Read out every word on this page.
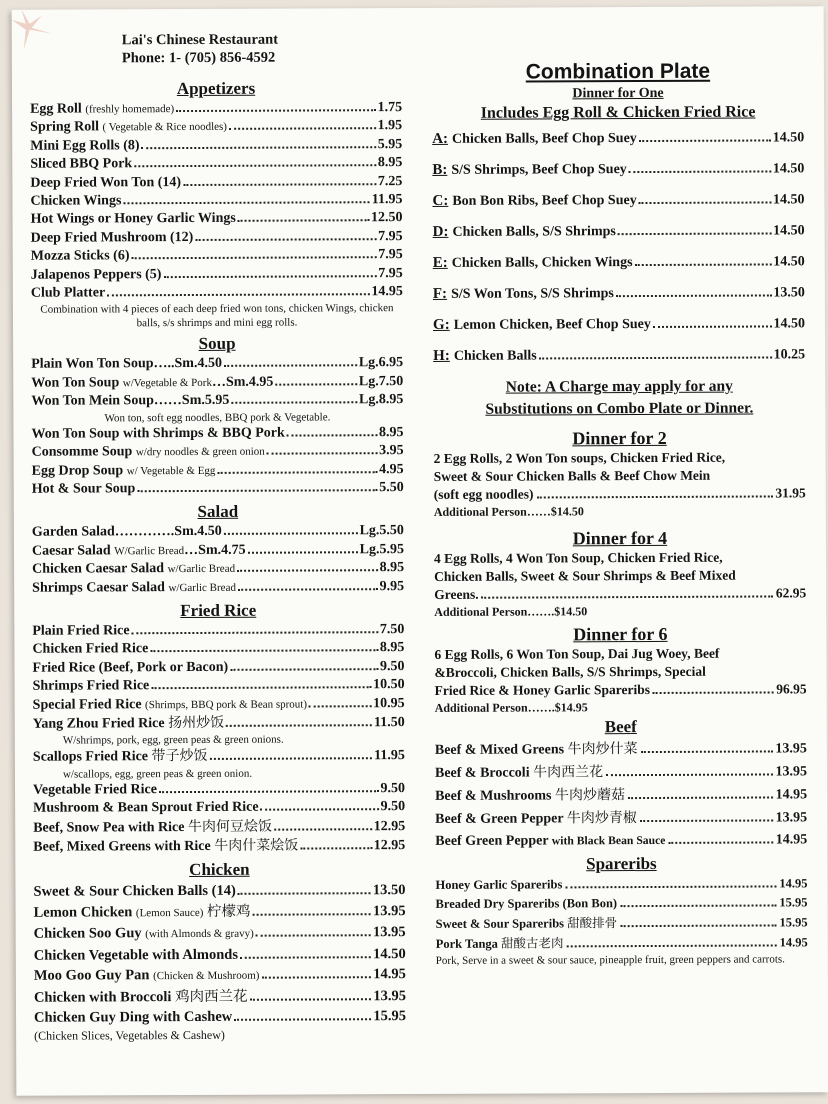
Lai's Chinese Restaurant
Phone: 1- (705) 856-4592
Appetizers
Egg Roll (freshly homemade)	1.75
Spring Roll ( Vegetable & Rice noodles)	1.95
Mini Egg Rolls (8)	5.95
Sliced BBQ Pork	8.95
Deep Fried Won Ton (14)	7.25
Chicken Wings	11.95
Hot Wings or Honey Garlic Wings	12.50
Deep Fried Mushroom (12)	7.95
Mozza Sticks (6)	7.95
Jalapenos Peppers (5)	7.95
Club Platter	14.95
Combination with 4 pieces of each deep fried won tons, chicken Wings, chicken balls, s/s shrimps and mini egg rolls.
Soup
Plain Won Ton Soup…..Sm.4.50	Lg.6.95
Won Ton Soup w/Vegetable & Pork…Sm.4.95	Lg.7.50
Won Ton Mein Soup……Sm.5.95	Lg.8.95
Won ton, soft egg noodles, BBQ pork & Vegetable.
Won Ton Soup with Shrimps & BBQ Pork	8.95
Consomme Soup w/dry noodles & green onion	3.95
Egg Drop Soup w/ Vegetable & Egg	4.95
Hot & Sour Soup	5.50
Salad
Garden Salad………….Sm.4.50	Lg.5.50
Caesar Salad W/Garlic Bread…Sm.4.75	Lg.5.95
Chicken Caesar Salad w/Garlic Bread	8.95
Shrimps Caesar Salad w/Garlic Bread	9.95
Fried Rice
Plain Fried Rice	7.50
Chicken Fried Rice	8.95
Fried Rice (Beef, Pork or Bacon)	9.50
Shrimps Fried Rice	10.50
Special Fried Rice (Shrimps, BBQ pork & Bean sprout)	10.95
Yang Zhou Fried Rice 扬州炒饭	11.50
W/shrimps, pork, egg, green peas & green onions.
Scallops Fried Rice 带子炒饭	11.95
w/scallops, egg, green peas & green onion.
Vegetable Fried Rice	9.50
Mushroom & Bean Sprout Fried Rice	9.50
Beef, Snow Pea with Rice 牛肉何豆烩饭	12.95
Beef, Mixed Greens with Rice 牛肉什菜烩饭	12.95
Chicken
Sweet & Sour Chicken Balls (14)	13.50
Lemon Chicken (Lemon Sauce) 柠檬鸡	13.95
Chicken Soo Guy (with Almonds & gravy)	13.95
Chicken Vegetable with Almonds	14.50
Moo Goo Guy Pan (Chicken & Mushroom)	14.95
Chicken with Broccoli 鸡肉西兰花	13.95
Chicken Guy Ding with Cashew	15.95
(Chicken Slices, Vegetables & Cashew)
Combination Plate
Dinner for One
Includes Egg Roll & Chicken Fried Rice
A: Chicken Balls, Beef Chop Suey	14.50
B: S/S Shrimps, Beef Chop Suey	14.50
C: Bon Bon Ribs, Beef Chop Suey	14.50
D: Chicken Balls, S/S Shrimps	14.50
E: Chicken Balls, Chicken Wings	14.50
F: S/S Won Tons, S/S Shrimps	13.50
G: Lemon Chicken, Beef Chop Suey	14.50
H: Chicken Balls	10.25
Note: A Charge may apply for any
Substitutions on Combo Plate or Dinner.
Dinner for 2
2 Egg Rolls, 2 Won Ton soups, Chicken Fried Rice,
Sweet & Sour Chicken Balls & Beef Chow Mein
(soft egg noodles)	31.95
Additional Person……$14.50
Dinner for 4
4 Egg Rolls, 4 Won Ton Soup, Chicken Fried Rice,
Chicken Balls, Sweet & Sour Shrimps & Beef Mixed
Greens.	62.95
Additional Person…….$14.50
Dinner for 6
6 Egg Rolls, 6 Won Ton Soup, Dai Jug Woey, Beef
&Broccoli, Chicken Balls, S/S Shrimps, Special
Fried Rice & Honey Garlic Spareribs	96.95
Additional Person…….$14.95
Beef
Beef & Mixed Greens 牛肉炒什菜	13.95
Beef & Broccoli 牛肉西兰花	13.95
Beef & Mushrooms 牛肉炒蘑菇	14.95
Beef & Green Pepper 牛肉炒青椒	13.95
Beef Green Pepper with Black Bean Sauce	14.95
Spareribs
Honey Garlic Spareribs	14.95
Breaded Dry Spareribs (Bon Bon)	15.95
Sweet & Sour Spareribs 甜酸排骨	15.95
Pork Tanga 甜酸古老肉	14.95
Pork, Serve in a sweet & sour sauce, pineapple fruit, green peppers and carrots.
